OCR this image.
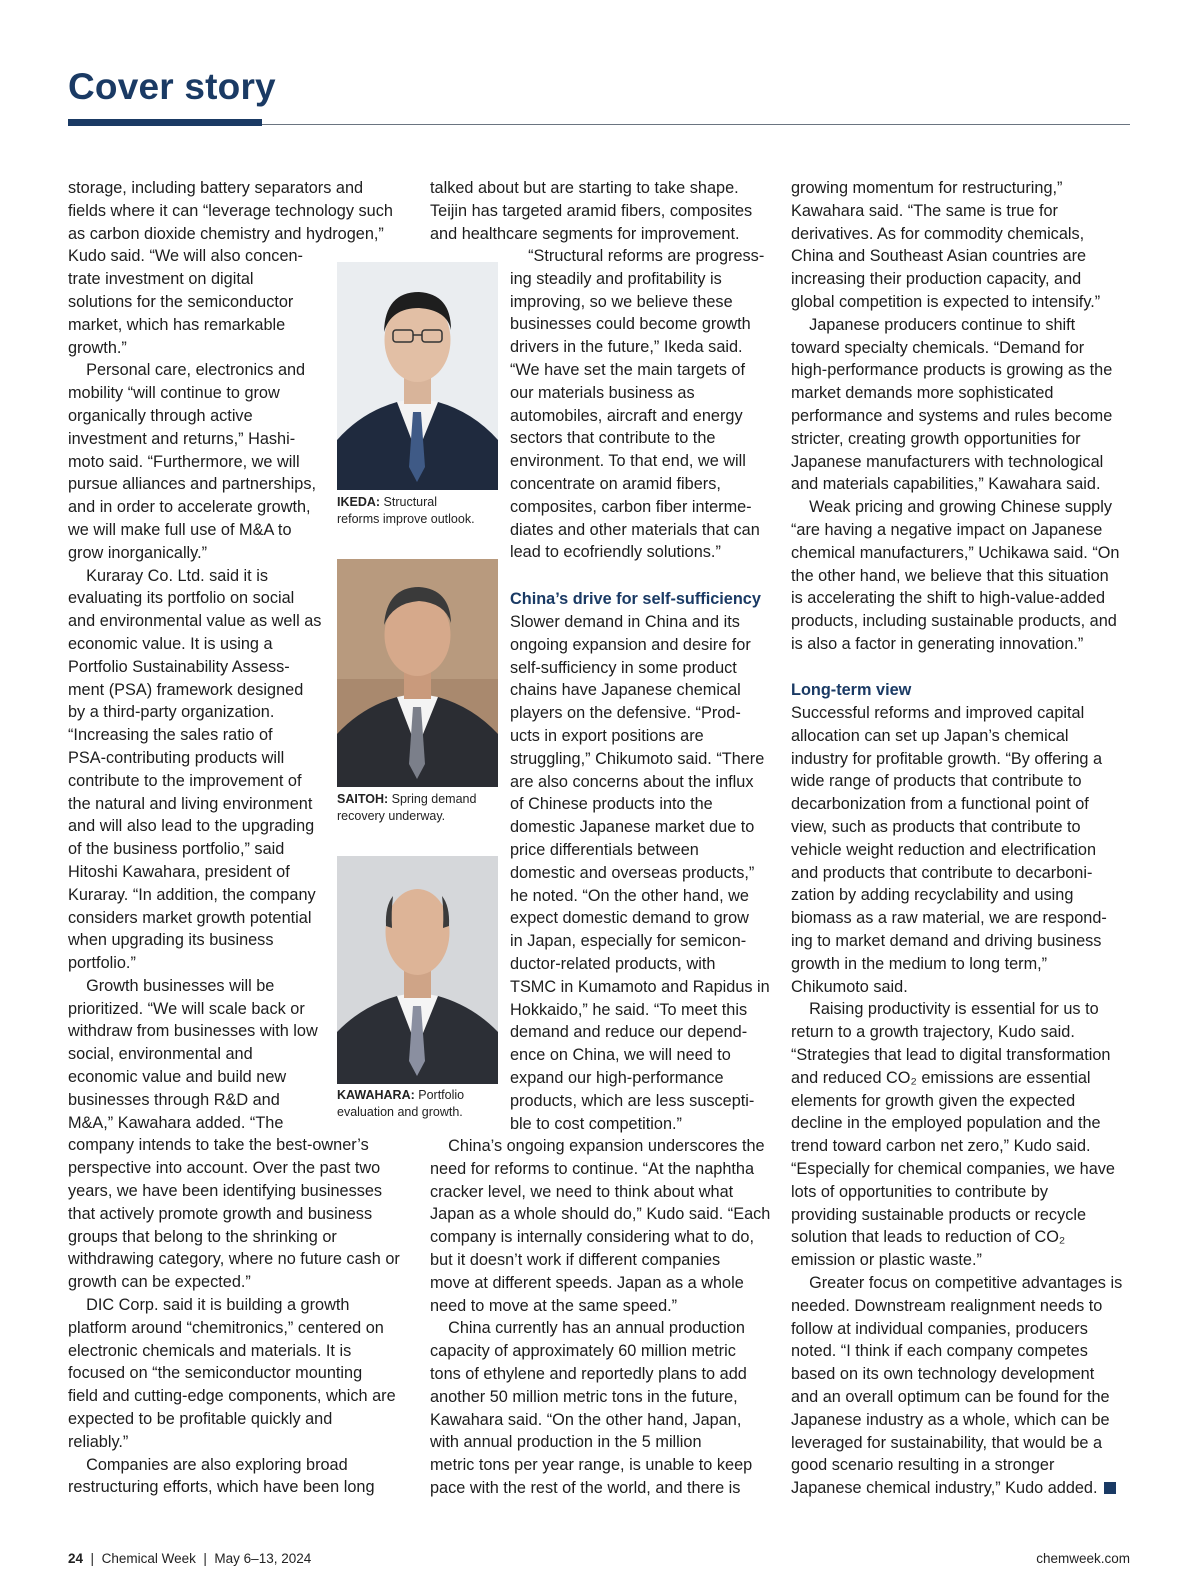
Cover story

storage, including battery separators and
fields where it can “leverage technology such
as carbon dioxide chemistry and hydrogen,”
Kudo said. “We will also concen-
trate investment on digital
solutions for the semiconductor
market, which has remarkable
growth.”
Personal care, electronics and
mobility “will continue to grow
organically through active
investment and returns,” Hashi-
moto said. “Furthermore, we will
pursue alliances and partnerships,
and in order to accelerate growth,
we will make full use of M&A to
grow inorganically.”
Kuraray Co. Ltd. said it is
evaluating its portfolio on social
and environmental value as well as
economic value. It is using a
Portfolio Sustainability Assess-
ment (PSA) framework designed
by a third-party organization.
“Increasing the sales ratio of
PSA-contributing products will
contribute to the improvement of
the natural and living environment
and will also lead to the upgrading
of the business portfolio,” said
Hitoshi Kawahara, president of
Kuraray. “In addition, the company
considers market growth potential
when upgrading its business
portfolio.”
Growth businesses will be
prioritized. “We will scale back or
withdraw from businesses with low
social, environmental and
economic value and build new
businesses through R&D and
M&A,” Kawahara added. “The
company intends to take the best-owner’s
perspective into account. Over the past two
years, we have been identifying businesses
that actively promote growth and business
groups that belong to the shrinking or
withdrawing category, where no future cash or
growth can be expected.”
DIC Corp. said it is building a growth
platform around “chemitronics,” centered on
electronic chemicals and materials. It is
focused on “the semiconductor mounting
field and cutting-edge components, which are
expected to be profitable quickly and
reliably.”
Companies are also exploring broad
restructuring efforts, which have been long

talked about but are starting to take shape.
Teijin has targeted aramid fibers, composites
and healthcare segments for improvement.

“Structural reforms are progress-
ing steadily and profitability is
improving, so we believe these
businesses could become growth
drivers in the future,” Ikeda said.
“We have set the main targets of
our materials business as
automobiles, aircraft and energy
sectors that contribute to the
environment. To that end, we will
concentrate on aramid fibers,
composites, carbon fiber interme-
diates and other materials that can
lead to ecofriendly solutions.”

China’s drive for self-sufficiency

Slower demand in China and its
ongoing expansion and desire for
self-sufficiency in some product
chains have Japanese chemical
players on the defensive. “Prod-
ucts in export positions are
struggling,” Chikumoto said. “There
are also concerns about the influx
of Chinese products into the
domestic Japanese market due to
price differentials between
domestic and overseas products,”
he noted. “On the other hand, we
expect domestic demand to grow
in Japan, especially for semicon-
ductor-related products, with
TSMC in Kumamoto and Rapidus in
Hokkaido,” he said. “To meet this
demand and reduce our depend-
ence on China, we will need to
expand our high-performance
products, which are less suscepti-
ble to cost competition.”

China’s ongoing expansion underscores the
need for reforms to continue. “At the naphtha
cracker level, we need to think about what
Japan as a whole should do,” Kudo said. “Each
company is internally considering what to do,
but it doesn’t work if different companies
move at different speeds. Japan as a whole
need to move at the same speed.”
China currently has an annual production
capacity of approximately 60 million metric
tons of ethylene and reportedly plans to add
another 50 million metric tons in the future,
Kawahara said. “On the other hand, Japan,
with annual production in the 5 million
metric tons per year range, is unable to keep
pace with the rest of the world, and there is

growing momentum for restructuring,”
Kawahara said. “The same is true for
derivatives. As for commodity chemicals,
China and Southeast Asian countries are
increasing their production capacity, and
global competition is expected to intensify.”
Japanese producers continue to shift
toward specialty chemicals. “Demand for
high-performance products is growing as the
market demands more sophisticated
performance and systems and rules become
stricter, creating growth opportunities for
Japanese manufacturers with technological
and materials capabilities,” Kawahara said.
Weak pricing and growing Chinese supply
“are having a negative impact on Japanese
chemical manufacturers,” Uchikawa said. “On
the other hand, we believe that this situation
is accelerating the shift to high-value-added
products, including sustainable products, and
is also a factor in generating innovation.”

Long-term view

Successful reforms and improved capital
allocation can set up Japan’s chemical
industry for profitable growth. “By offering a
wide range of products that contribute to
decarbonization from a functional point of
view, such as products that contribute to
vehicle weight reduction and electrification
and products that contribute to decarboni-
zation by adding recyclability and using
biomass as a raw material, we are respond-
ing to market demand and driving business
growth in the medium to long term,”
Chikumoto said.
Raising productivity is essential for us to
return to a growth trajectory, Kudo said.
“Strategies that lead to digital transformation
and reduced CO₂ emissions are essential
elements for growth given the expected
decline in the employed population and the
trend toward carbon net zero,” Kudo said.
“Especially for chemical companies, we have
lots of opportunities to contribute by
providing sustainable products or recycle
solution that leads to reduction of CO₂
emission or plastic waste.”
Greater focus on competitive advantages is
needed. Downstream realignment needs to
follow at individual companies, producers
noted. “I think if each company competes
based on its own technology development
and an overall optimum can be found for the
Japanese industry as a whole, which can be
leveraged for sustainability, that would be a
good scenario resulting in a stronger
Japanese chemical industry,” Kudo added.

IKEDA: Structural
reforms improve outlook.

SAITOH: Spring demand
recovery underway.

KAWAHARA: Portfolio
evaluation and growth.

24 | Chemical Week | May 6–13, 2024	chemweek.com
